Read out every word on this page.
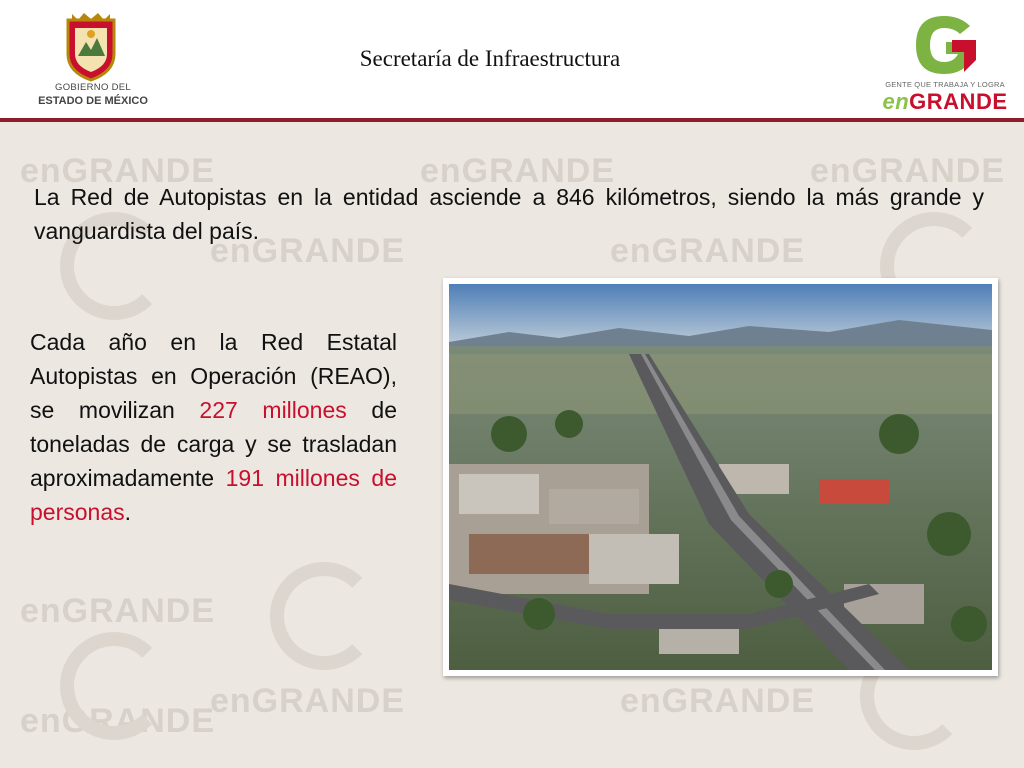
enGRANDE	enGRANDE	enGRANDE
enGRANDE
enGRANDE
enGRANDE
enGRANDE
enGRANDE
enGRANDE
GOBIERNO DEL
ESTADO DE MÉXICO
Secretaría de Infraestructura
GENTE QUE TRABAJA Y LOGRA
enGRANDE
La Red de Autopistas en la entidad asciende a 846 kilómetros, siendo la más grande y vanguardista del país.
Cada año en la Red Estatal Autopistas en Operación (REAO), se movilizan 227 millones de toneladas de carga y se trasladan aproximadamente 191 millones de personas.
